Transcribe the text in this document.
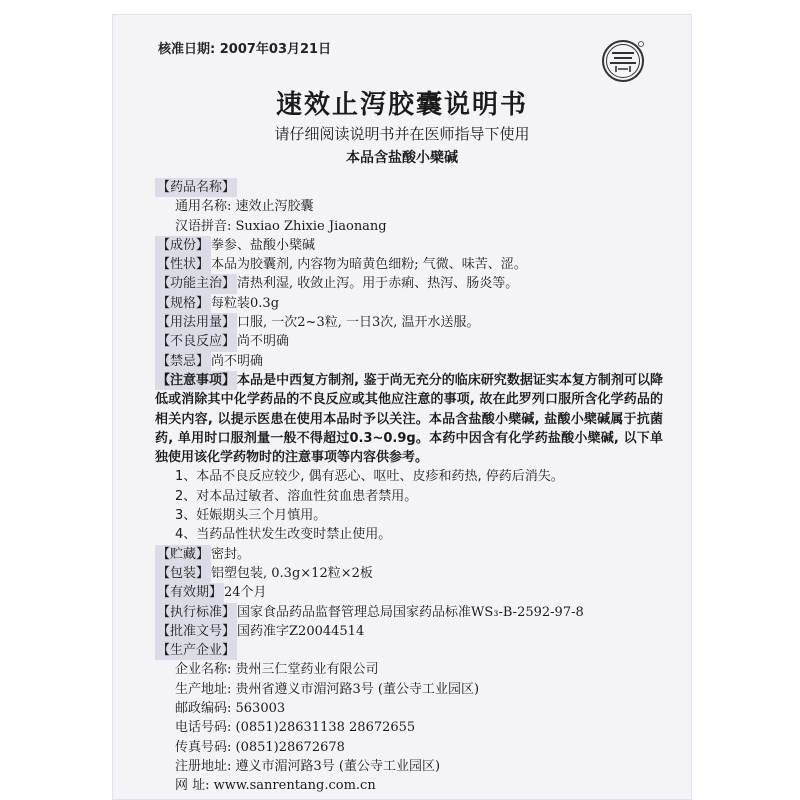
核准日期: 2007年03月21日
速效止泻胶囊说明书
请仔细阅读说明书并在医师指导下使用
本品含盐酸小檗碱
【药品名称】
通用名称: 速效止泻胶囊
汉语拼音: Suxiao Zhixie Jiaonang
【成份】 拳参、盐酸小檗碱
【性状】 本品为胶囊剂, 内容物为暗黄色细粉; 气微、味苦、涩。
【功能主治】 清热利湿, 收敛止泻。用于赤痢、热泻、肠炎等。
【规格】 每粒装0.3g
【用法用量】 口服, 一次2~3粒, 一日3次, 温开水送服。
【不良反应】 尚不明确
【禁忌】 尚不明确
【注意事项】 本品是中西复方制剂, 鉴于尚无充分的临床研究数据证实本复方制剂可以降低或消除其中化学药品的不良反应或其他应注意的事项, 故在此罗列口服所含化学药品的相关内容, 以提示医患在使用本品时予以关注。本品含盐酸小檗碱, 盐酸小檗碱属于抗菌药, 单用时口服剂量一般不得超过0.3~0.9g。本药中因含有化学药盐酸小檗碱, 以下单独使用该化学药物时的注意事项等内容供参考。
1、本品不良反应较少, 偶有恶心、呕吐、皮疹和药热, 停药后消失。
2、对本品过敏者、溶血性贫血患者禁用。
3、妊娠期头三个月慎用。
4、当药品性状发生改变时禁止使用。
【贮藏】 密封。
【包装】 铝塑包装, 0.3g×12粒×2板
【有效期】 24个月
【执行标准】 国家食品药品监督管理总局国家药品标准WS₃-B-2592-97-8
【批准文号】 国药准字Z20044514
【生产企业】
企业名称: 贵州三仁堂药业有限公司
生产地址: 贵州省遵义市湄河路3号 (董公寺工业园区)
邮政编码: 563003
电话号码: (0851)28631138 28672655
传真号码: (0851)28672678
注册地址: 遵义市湄河路3号 (董公寺工业园区)
网 址: www.sanrentang.com.cn
